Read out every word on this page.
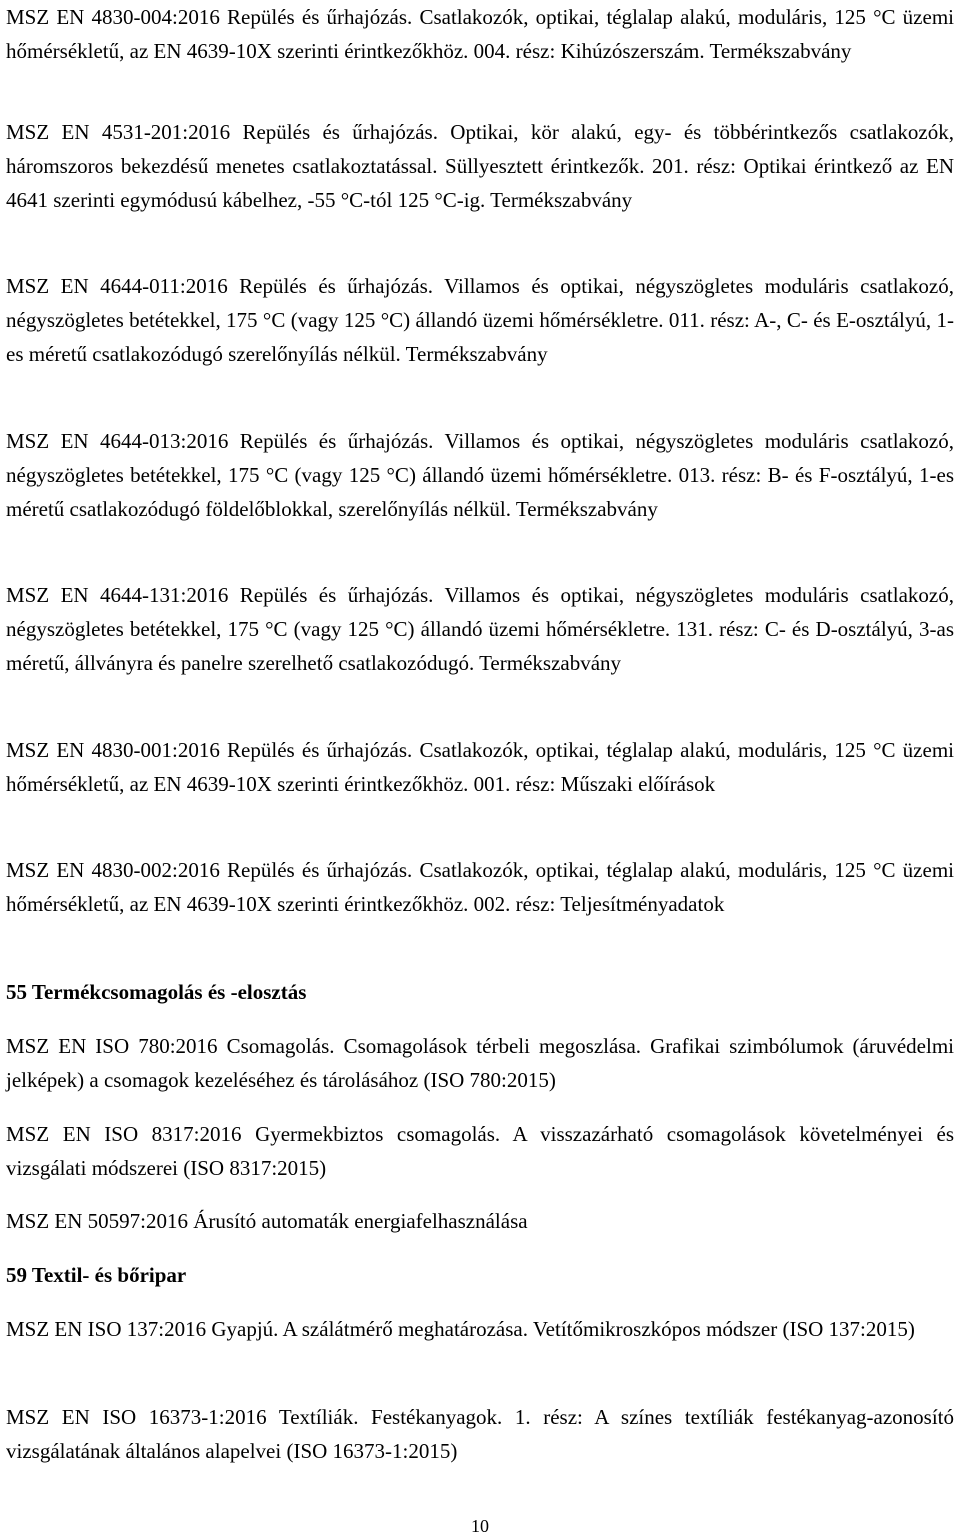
MSZ EN 4830-004:2016 Repülés és űrhajózás. Csatlakozók, optikai, téglalap alakú, moduláris, 125 °C üzemi hőmérsékletű, az EN 4639-10X szerinti érintkezőkhöz. 004. rész: Kihúzószerszám. Termékszabvány

MSZ EN 4531-201:2016 Repülés és űrhajózás. Optikai, kör alakú, egy- és többérintkezős csatlakozók, háromszoros bekezdésű menetes csatlakoztatással. Süllyesztett érintkezők. 201. rész: Optikai érintkező az EN 4641 szerinti egymódusú kábelhez, -55 °C-tól 125 °C-ig. Termékszabvány

MSZ EN 4644-011:2016 Repülés és űrhajózás. Villamos és optikai, négyszögletes moduláris csatlakozó, négyszögletes betétekkel, 175 °C (vagy 125 °C) állandó üzemi hőmérsékletre. 011. rész: A-, C- és E-osztályú, 1-es méretű csatlakozódugó szerelőnyílás nélkül. Termékszabvány

MSZ EN 4644-013:2016 Repülés és űrhajózás. Villamos és optikai, négyszögletes moduláris csatlakozó, négyszögletes betétekkel, 175 °C (vagy 125 °C) állandó üzemi hőmérsékletre. 013. rész: B- és F-osztályú, 1-es méretű csatlakozódugó földelőblokkal, szerelőnyílás nélkül. Termékszabvány

MSZ EN 4644-131:2016 Repülés és űrhajózás. Villamos és optikai, négyszögletes moduláris csatlakozó, négyszögletes betétekkel, 175 °C (vagy 125 °C) állandó üzemi hőmérsékletre. 131. rész: C- és D-osztályú, 3-as méretű, állványra és panelre szerelhető csatlakozódugó. Termékszabvány

MSZ EN 4830-001:2016 Repülés és űrhajózás. Csatlakozók, optikai, téglalap alakú, moduláris, 125 °C üzemi hőmérsékletű, az EN 4639-10X szerinti érintkezőkhöz. 001. rész: Műszaki előírások

MSZ EN 4830-002:2016 Repülés és űrhajózás. Csatlakozók, optikai, téglalap alakú, moduláris, 125 °C üzemi hőmérsékletű, az EN 4639-10X szerinti érintkezőkhöz. 002. rész: Teljesítményadatok

55 Termékcsomagolás és -elosztás

MSZ EN ISO 780:2016 Csomagolás. Csomagolások térbeli megoszlása. Grafikai szimbólumok (áruvédelmi jelképek) a csomagok kezeléséhez és tárolásához (ISO 780:2015)

MSZ EN ISO 8317:2016 Gyermekbiztos csomagolás. A visszazárható csomagolások követelményei és vizsgálati módszerei (ISO 8317:2015)

MSZ EN 50597:2016 Árusító automaták energiafelhasználása

59 Textil- és bőripar

MSZ EN ISO 137:2016 Gyapjú. A szálátmérő meghatározása. Vetítőmikroszkópos módszer (ISO 137:2015)

MSZ EN ISO 16373-1:2016 Textíliák. Festékanyagok. 1. rész: A színes textíliák festékanyag-azonosító vizsgálatának általános alapelvei (ISO 16373-1:2015)

10
